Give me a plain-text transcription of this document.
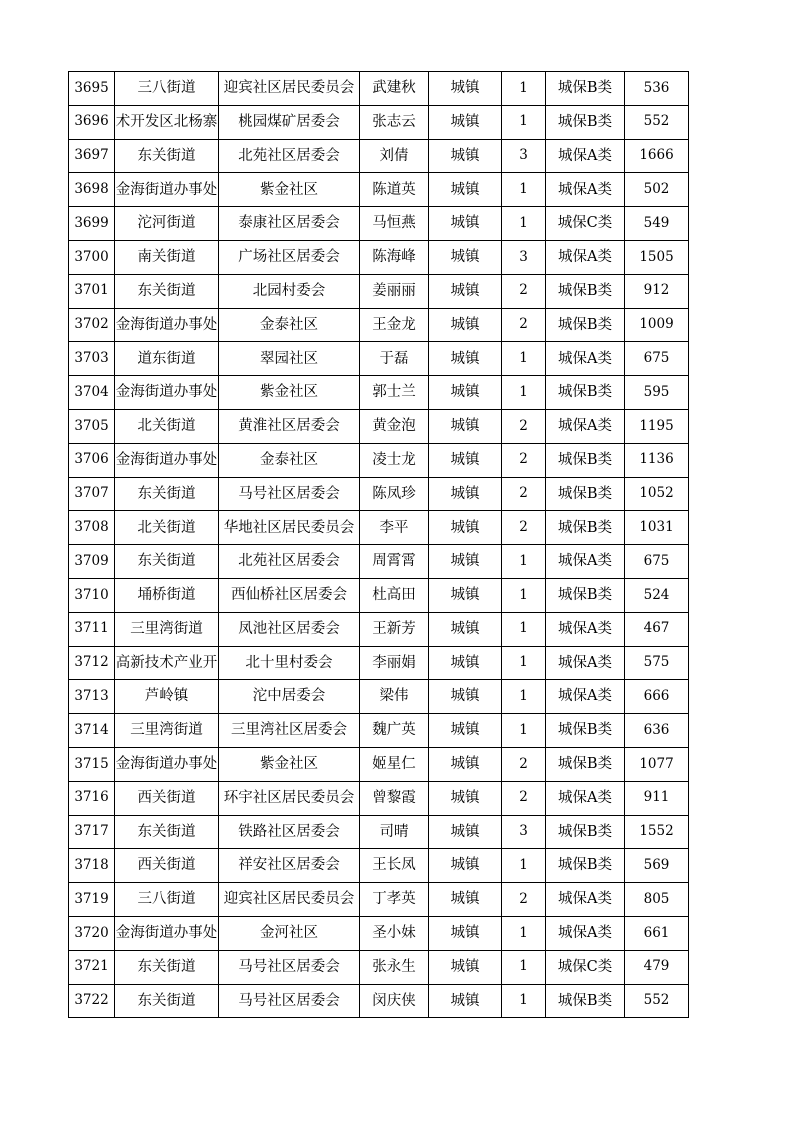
3695	三八街道	迎宾社区居民委员会	武建秋	城镇	1	城保B类	536
3696	术开发区北杨寨	桃园煤矿居委会	张志云	城镇	1	城保B类	552
3697	东关街道	北苑社区居委会	刘倩	城镇	3	城保A类	1666
3698	金海街道办事处	紫金社区	陈道英	城镇	1	城保A类	502
3699	沱河街道	泰康社区居委会	马恒燕	城镇	1	城保C类	549
3700	南关街道	广场社区居委会	陈海峰	城镇	3	城保A类	1505
3701	东关街道	北园村委会	姜丽丽	城镇	2	城保B类	912
3702	金海街道办事处	金泰社区	王金龙	城镇	2	城保B类	1009
3703	道东街道	翠园社区	于磊	城镇	1	城保A类	675
3704	金海街道办事处	紫金社区	郭士兰	城镇	1	城保B类	595
3705	北关街道	黄淮社区居委会	黄金泡	城镇	2	城保A类	1195
3706	金海街道办事处	金泰社区	凌士龙	城镇	2	城保B类	1136
3707	东关街道	马号社区居委会	陈凤珍	城镇	2	城保B类	1052
3708	北关街道	华地社区居民委员会	李平	城镇	2	城保B类	1031
3709	东关街道	北苑社区居委会	周霄霄	城镇	1	城保A类	675
3710	埇桥街道	西仙桥社区居委会	杜高田	城镇	1	城保B类	524
3711	三里湾街道	凤池社区居委会	王新芳	城镇	1	城保A类	467
3712	高新技术产业开	北十里村委会	李丽娟	城镇	1	城保A类	575
3713	芦岭镇	沱中居委会	梁伟	城镇	1	城保A类	666
3714	三里湾街道	三里湾社区居委会	魏广英	城镇	1	城保B类	636
3715	金海街道办事处	紫金社区	姬星仁	城镇	2	城保B类	1077
3716	西关街道	环宇社区居民委员会	曾黎霞	城镇	2	城保A类	911
3717	东关街道	铁路社区居委会	司晴	城镇	3	城保B类	1552
3718	西关街道	祥安社区居委会	王长凤	城镇	1	城保B类	569
3719	三八街道	迎宾社区居民委员会	丁孝英	城镇	2	城保A类	805
3720	金海街道办事处	金河社区	圣小妹	城镇	1	城保A类	661
3721	东关街道	马号社区居委会	张永生	城镇	1	城保C类	479
3722	东关街道	马号社区居委会	闵庆侠	城镇	1	城保B类	552
